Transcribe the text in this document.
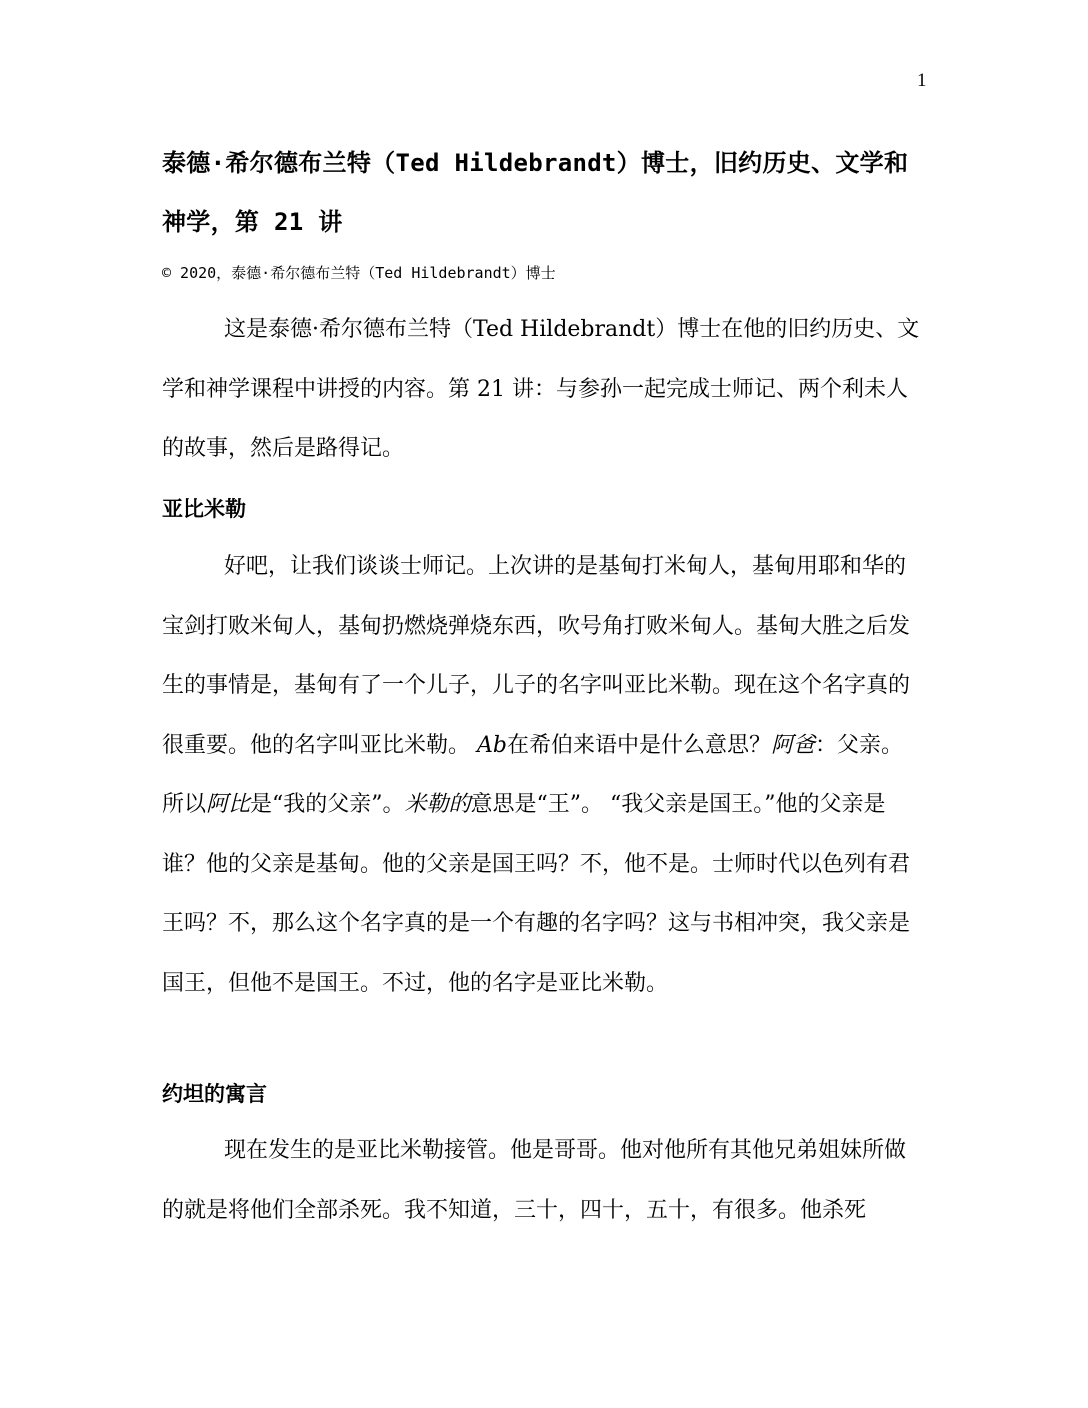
1
泰德·希尔德布兰特（Ted Hildebrandt）博士，旧约历史、文学和神学，第 21 讲
© 2020，泰德·希尔德布兰特（Ted Hildebrandt）博士

这是泰德·希尔德布兰特（Ted Hildebrandt）博士在他的旧约历史、文学和神学课程中讲授的内容。第 21 讲：与参孙一起完成士师记、两个利未人的故事，然后是路得记。

亚比米勒

好吧，让我们谈谈士师记。上次讲的是基甸打米甸人，基甸用耶和华的宝剑打败米甸人，基甸扔燃烧弹烧东西，吹号角打败米甸人。基甸大胜之后发生的事情是，基甸有了一个儿子，儿子的名字叫亚比米勒。现在这个名字真的很重要。他的名字叫亚比米勒。 Ab在希伯来语中是什么意思？阿爸：父亲。所以阿比是“我的父亲”。米勒的意思是“王”。 “我父亲是国王。”他的父亲是谁？他的父亲是基甸。他的父亲是国王吗？不，他不是。士师时代以色列有君王吗？不，那么这个名字真的是一个有趣的名字吗？这与书相冲突，我父亲是国王，但他不是国王。不过，他的名字是亚比米勒。

约坦的寓言

现在发生的是亚比米勒接管。他是哥哥。他对他所有其他兄弟姐妹所做的就是将他们全部杀死。我不知道，三十，四十，五十，有很多。他杀死
